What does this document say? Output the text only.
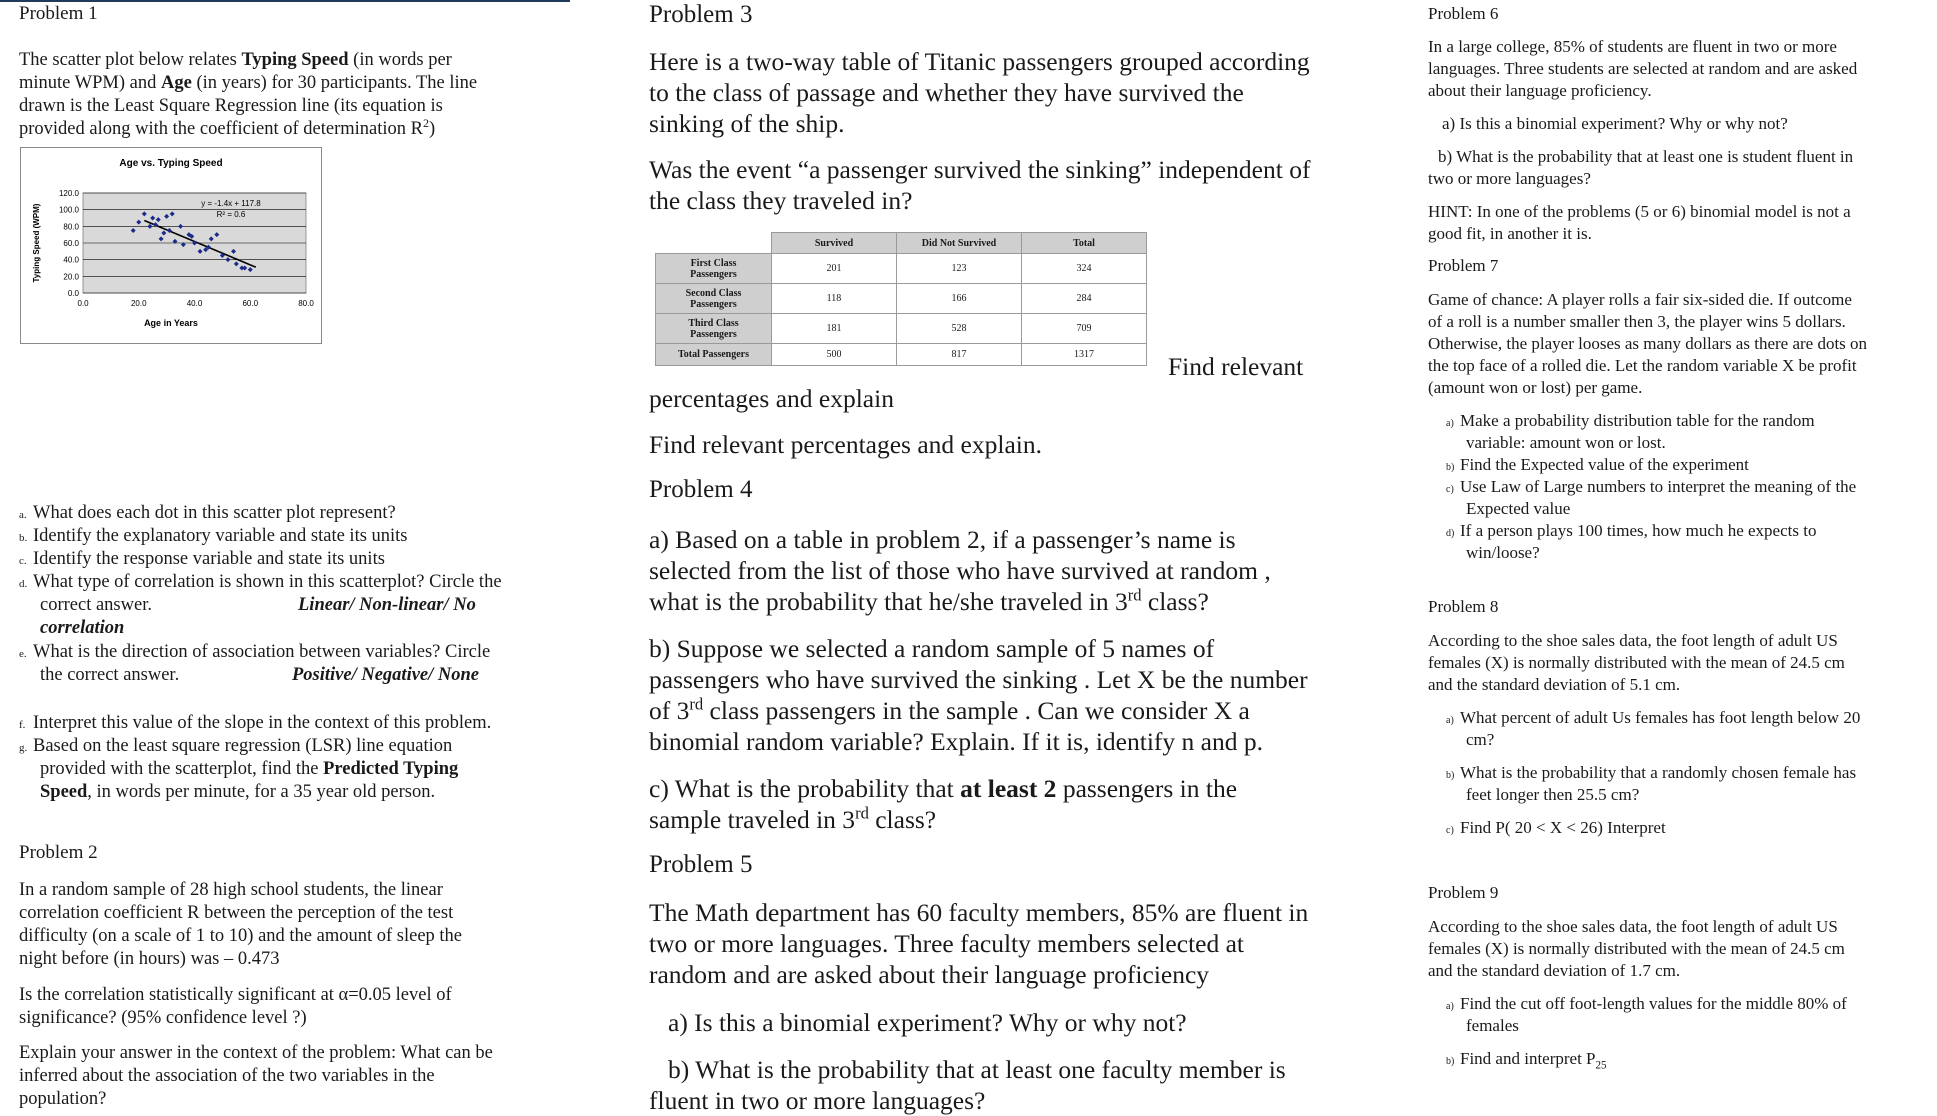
Problem 1
The scatter plot below relates Typing Speed (in words per
minute WPM) and Age (in years) for 30 participants. The line
drawn is the Least Square Regression line (its equation is
provided along with the coefficient of determination $R^2$)
Age vs. Typing Speed
0.0
20.0
40.0
60.0
80.0
100.0
120.0
0.0	20.0	40.0	60.0	80.0
Age in Years
Typing Speed (WPM)
y = -1.4x + 117.8
R² = 0.6
a. What does each dot in this scatter plot represent?
b. Identify the explanatory variable and state its units
c. Identify the response variable and state its units
d. What type of correlation is shown in this scatterplot? Circle the
correct answer.	Linear/ Non-linear/ No
correlation
e. What is the direction of association between variables? Circle
the correct answer.	Positive/ Negative/ None
f. Interpret this value of the slope in the context of this problem.
g. Based on the least square regression (LSR) line equation
provided with the scatterplot, find the Predicted Typing
Speed, in words per minute, for a 35 year old person.
Problem 2
In a random sample of 28 high school students, the linear
correlation coefficient R between the perception of the test
difficulty (on a scale of 1 to 10) and the amount of sleep the
night before (in hours) was – 0.473
Is the correlation statistically significant at α=0.05 level of
significance? (95% confidence level ?)
Explain your answer in the context of the problem: What can be
inferred about the association of the two variables in the
population?
Problem 3
Here is a two-way table of Titanic passengers grouped according
to the class of passage and whether they have survived the
sinking of the ship.
Was the event “a passenger survived the sinking” independent of
the class they traveled in?
	Survived	Did Not Survived	Total
First Class
Passengers	201	123	324
Second Class
Passengers	118	166	284
Third Class
Passengers	181	528	709
Total Passengers	500	817	1317	Find relevant
percentages and explain
Find relevant percentages and explain.
Problem 4
a) Based on a table in problem 2, if a passenger’s name is
selected from the list of those who have survived at random ,
what is the probability that he/she traveled in 3rd class?
b) Suppose we selected a random sample of 5 names of
passengers who have survived the sinking . Let X be the number
of 3rd class passengers in the sample . Can we consider X a
binomial random variable? Explain. If it is, identify n and p.
c) What is the probability that at least 2 passengers in the
sample traveled in 3rd class?
Problem 5
The Math department has 60 faculty members, 85% are fluent in
two or more languages. Three faculty members selected at
random and are asked about their language proficiency
a) Is this a binomial experiment? Why or why not?
b) What is the probability that at least one faculty member is
fluent in two or more languages?
Problem 6
In a large college, 85% of students are fluent in two or more
languages. Three students are selected at random and are asked
about their language proficiency.
a) Is this a binomial experiment? Why or why not?
b) What is the probability that at least one is student fluent in
two or more languages?
HINT: In one of the problems (5 or 6) binomial model is not a
good fit, in another it is.
Problem 7
Game of chance: A player rolls a fair six-sided die. If outcome
of a roll is a number smaller then 3, the player wins 5 dollars.
Otherwise, the player looses as many dollars as there are dots on
the top face of a rolled die. Let the random variable X be profit
(amount won or lost) per game.
a) Make a probability distribution table for the random
variable: amount won or lost.
b) Find the Expected value of the experiment
c) Use Law of Large numbers to interpret the meaning of the
Expected value
d) If a person plays 100 times, how much he expects to
win/loose?
Problem 8
According to the shoe sales data, the foot length of adult US
females (X) is normally distributed with the mean of 24.5 cm
and the standard deviation of 5.1 cm.
a) What percent of adult Us females has foot length below 20
cm?
b) What is the probability that a randomly chosen female has
feet longer then 25.5 cm?
c) Find P( 20 < X < 26) Interpret
Problem 9
According to the shoe sales data, the foot length of adult US
females (X) is normally distributed with the mean of 24.5 cm
and the standard deviation of 1.7 cm.
a) Find the cut off foot-length values for the middle 80% of
females
b) Find and interpret $P_{25}$
